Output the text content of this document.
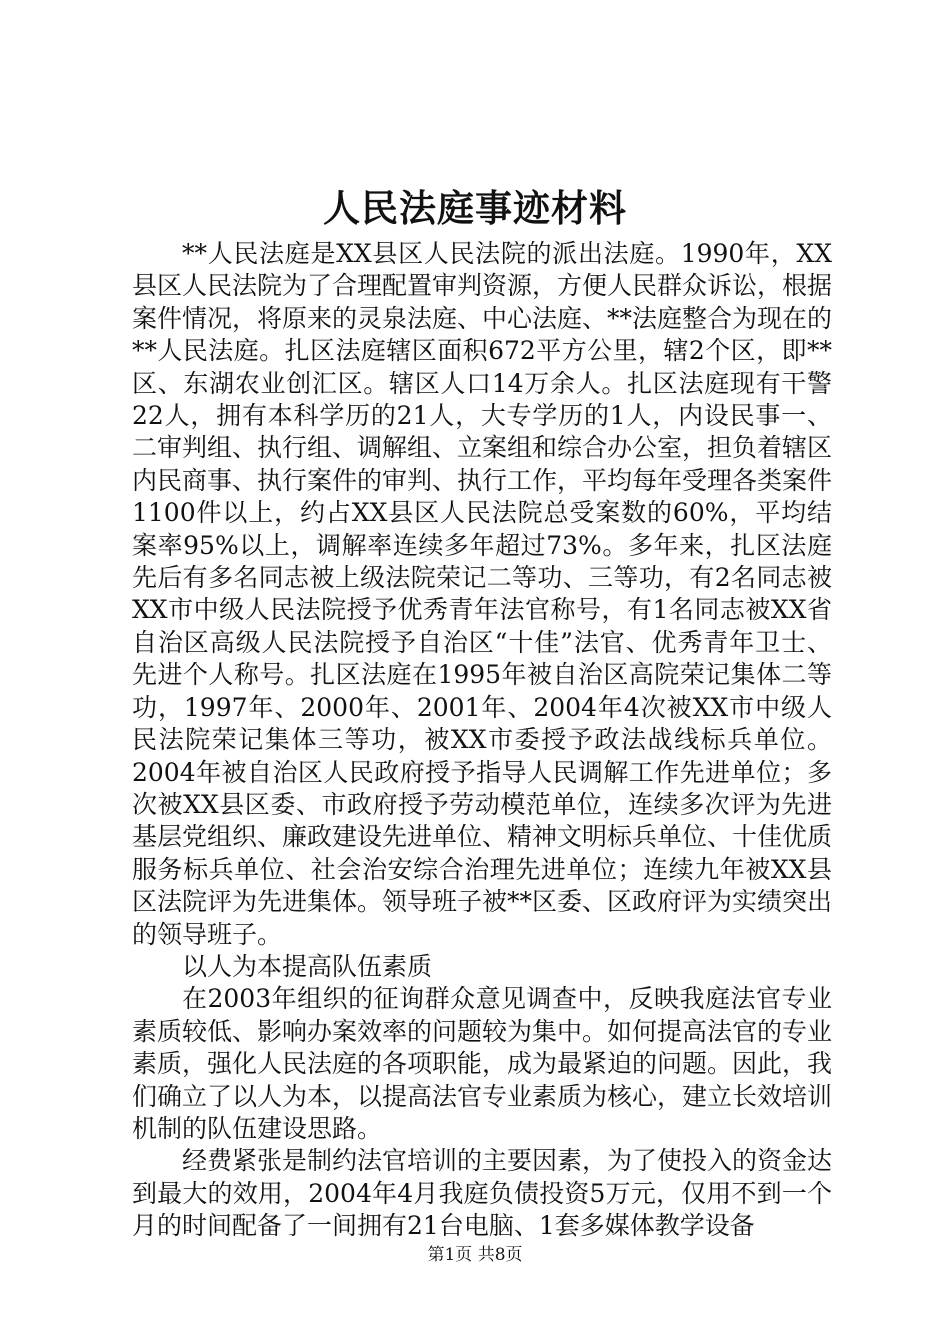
人民法庭事迹材料

**人民法庭是XX县区人民法院的派出法庭。1990年，XX县区人民法院为了合理配置审判资源，方便人民群众诉讼，根据案件情况，将原来的灵泉法庭、中心法庭、**法庭整合为现在的**人民法庭。扎区法庭辖区面积672平方公里，辖2个区，即**区、东湖农业创汇区。辖区人口14万余人。扎区法庭现有干警22人，拥有本科学历的21人，大专学历的1人，内设民事一、二审判组、执行组、调解组、立案组和综合办公室，担负着辖区内民商事、执行案件的审判、执行工作，平均每年受理各类案件1100件以上，约占XX县区人民法院总受案数的60%，平均结案率95%以上，调解率连续多年超过73%。多年来，扎区法庭先后有多名同志被上级法院荣记二等功、三等功，有2名同志被XX市中级人民法院授予优秀青年法官称号，有1名同志被XX省自治区高级人民法院授予自治区“十佳”法官、优秀青年卫士、先进个人称号。扎区法庭在1995年被自治区高院荣记集体二等功，1997年、2000年、2001年、2004年4次被XX市中级人民法院荣记集体三等功，被XX市委授予政法战线标兵单位。2004年被自治区人民政府授予指导人民调解工作先进单位；多次被XX县区委、市政府授予劳动模范单位，连续多次评为先进基层党组织、廉政建设先进单位、精神文明标兵单位、十佳优质服务标兵单位、社会治安综合治理先进单位；连续九年被XX县区法院评为先进集体。领导班子被**区委、区政府评为实绩突出的领导班子。

以人为本提高队伍素质

在2003年组织的征询群众意见调查中，反映我庭法官专业素质较低、影响办案效率的问题较为集中。如何提高法官的专业素质，强化人民法庭的各项职能，成为最紧迫的问题。因此，我们确立了以人为本，以提高法官专业素质为核心，建立长效培训机制的队伍建设思路。

经费紧张是制约法官培训的主要因素，为了使投入的资金达到最大的效用，2004年4月我庭负债投资5万元，仅用不到一个月的时间配备了一间拥有21台电脑、1套多媒体教学设备

第1页 共8页
